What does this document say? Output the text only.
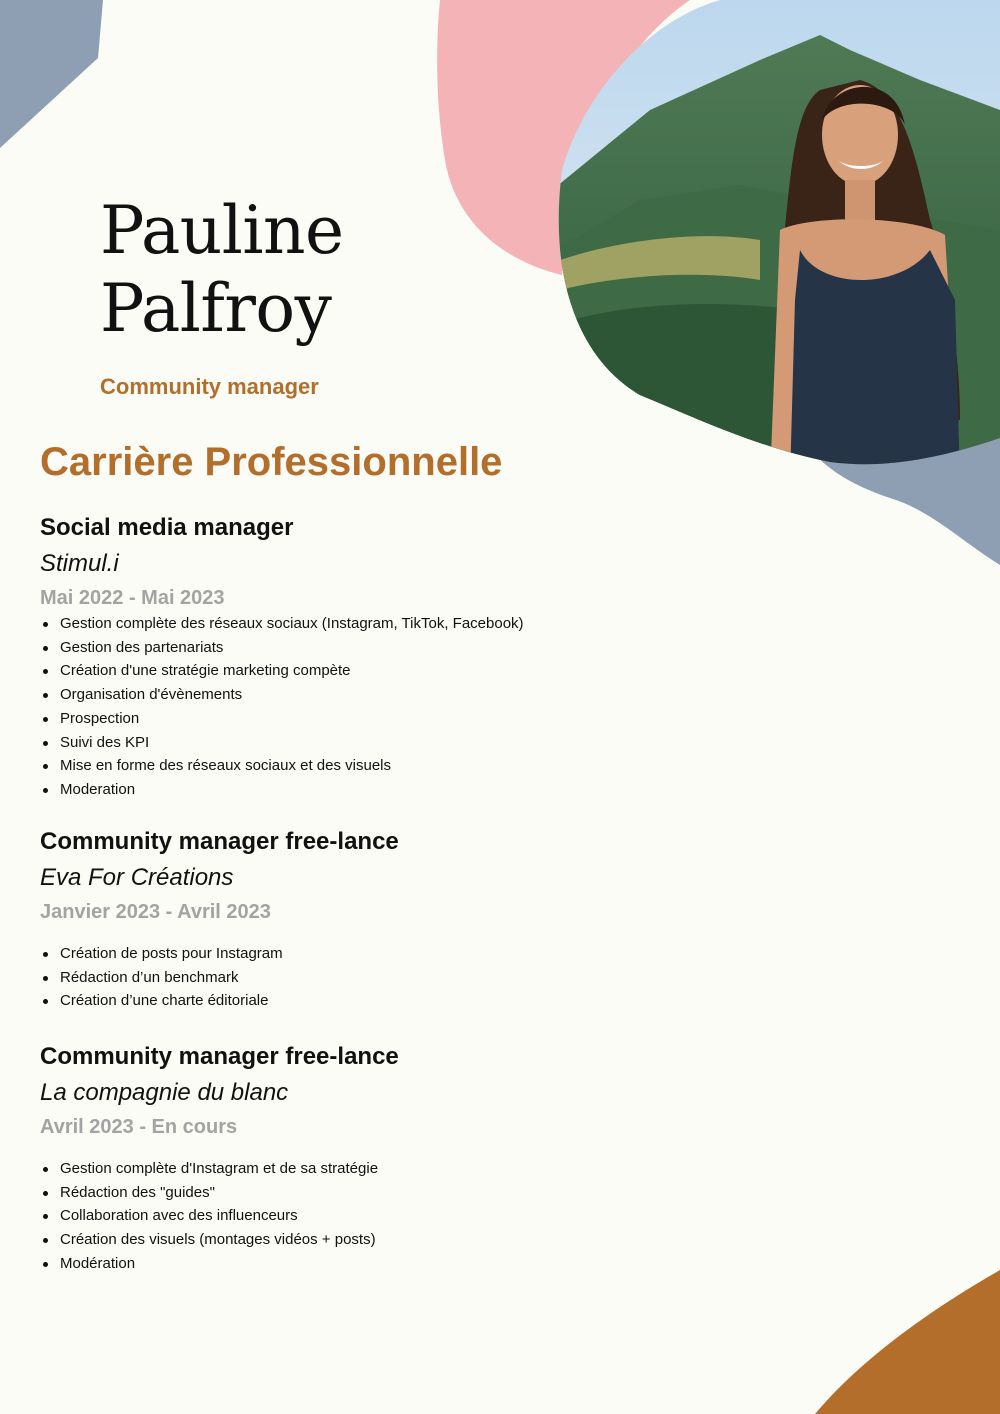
Pauline
Palfroy
Community manager
Carrière Professionnelle
Social media manager
Stimul.i
Mai 2022 - Mai 2023
Gestion complète des réseaux sociaux (Instagram, TikTok, Facebook)
Gestion des partenariats
Création d'une stratégie marketing compète
Organisation d'évènements
Prospection
Suivi des KPI
Mise en forme des réseaux sociaux et des visuels
Moderation
Community manager free-lance
Eva For Créations
Janvier 2023 - Avril 2023
Création de posts pour Instagram
Rédaction d’un benchmark
Création d’une charte éditoriale
Community manager free-lance
La compagnie du blanc
Avril 2023 - En cours
Gestion complète d'Instagram et de sa stratégie
Rédaction des "guides"
Collaboration avec des influenceurs
Création des visuels (montages vidéos + posts)
Modération
